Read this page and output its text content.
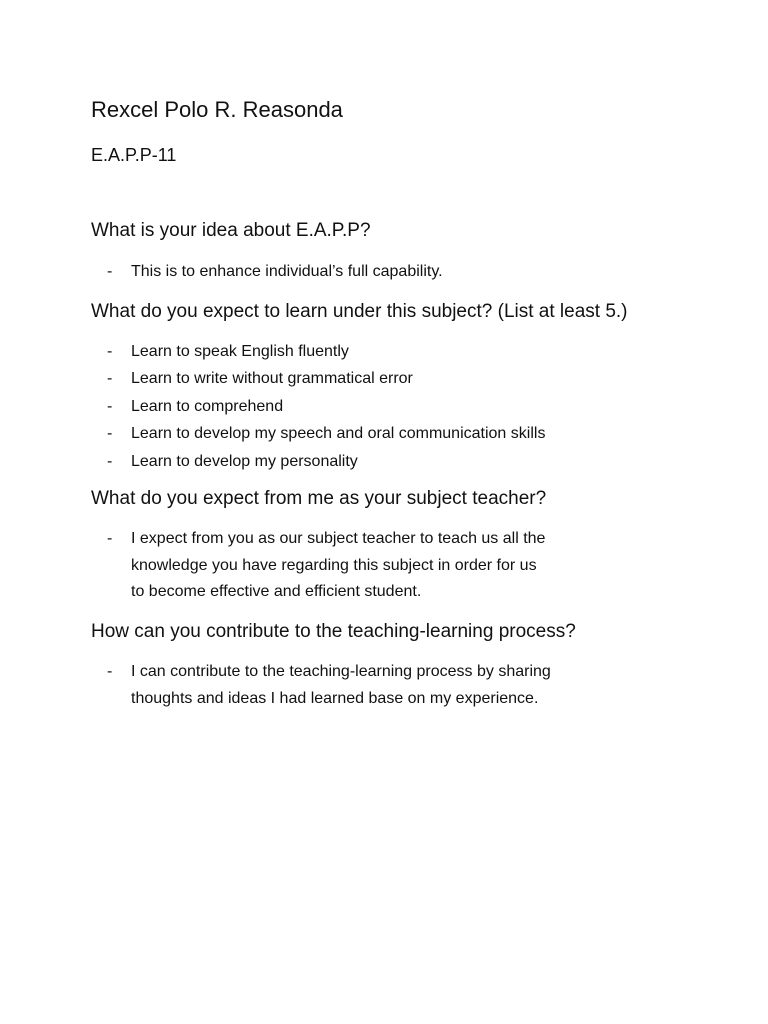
Rexcel Polo R. Reasonda
E.A.P.P-11
What is your idea about E.A.P.P?
- This is to enhance individual’s full capability.
What do you expect to learn under this subject? (List at least 5.)
- Learn to speak English fluently
- Learn to write without grammatical error
- Learn to comprehend
- Learn to develop my speech and oral communication skills
- Learn to develop my personality
What do you expect from me as your subject teacher?
-	I expect from you as our subject teacher to teach us all the
knowledge you have regarding this subject in order for us
to become effective and efficient student.
How can you contribute to the teaching-learning process?
-	I can contribute to the teaching-learning process by sharing
thoughts and ideas I had learned base on my experience.
